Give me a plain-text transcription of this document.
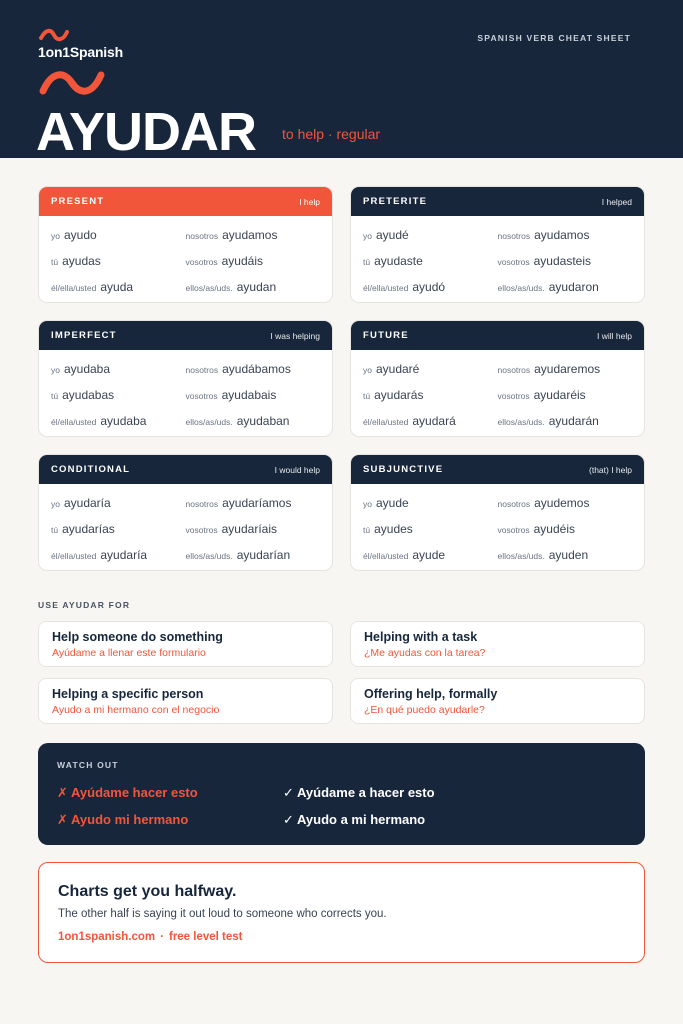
1on1Spanish
SPANISH VERB CHEAT SHEET
AYUDAR to help · regular
PRESENT	I help
yo ayudo	nosotros ayudamos
tú ayudas	vosotros ayudáis
él/ella/usted ayuda	ellos/as/uds. ayudan
PRETERITE	I helped
yo ayudé	nosotros ayudamos
tú ayudaste	vosotros ayudasteis
él/ella/usted ayudó	ellos/as/uds. ayudaron
IMPERFECT	I was helping
yo ayudaba	nosotros ayudábamos
tú ayudabas	vosotros ayudabais
él/ella/usted ayudaba	ellos/as/uds. ayudaban
FUTURE	I will help
yo ayudaré	nosotros ayudaremos
tú ayudarás	vosotros ayudaréis
él/ella/usted ayudará	ellos/as/uds. ayudarán
CONDITIONAL	I would help
yo ayudaría	nosotros ayudaríamos
tú ayudarías	vosotros ayudaríais
él/ella/usted ayudaría	ellos/as/uds. ayudarían
SUBJUNCTIVE	(that) I help
yo ayude	nosotros ayudemos
tú ayudes	vosotros ayudéis
él/ella/usted ayude	ellos/as/uds. ayuden
USE AYUDAR FOR
Help someone do something
Ayúdame a llenar este formulario
Helping with a task
¿Me ayudas con la tarea?
Helping a specific person
Ayudo a mi hermano con el negocio
Offering help, formally
¿En qué puedo ayudarle?
WATCH OUT
✗ Ayúdame hacer esto	✓ Ayúdame a hacer esto
✗ Ayudo mi hermano	✓ Ayudo a mi hermano
Charts get you halfway.
The other half is saying it out loud to someone who corrects you.
1on1spanish.com · free level test
